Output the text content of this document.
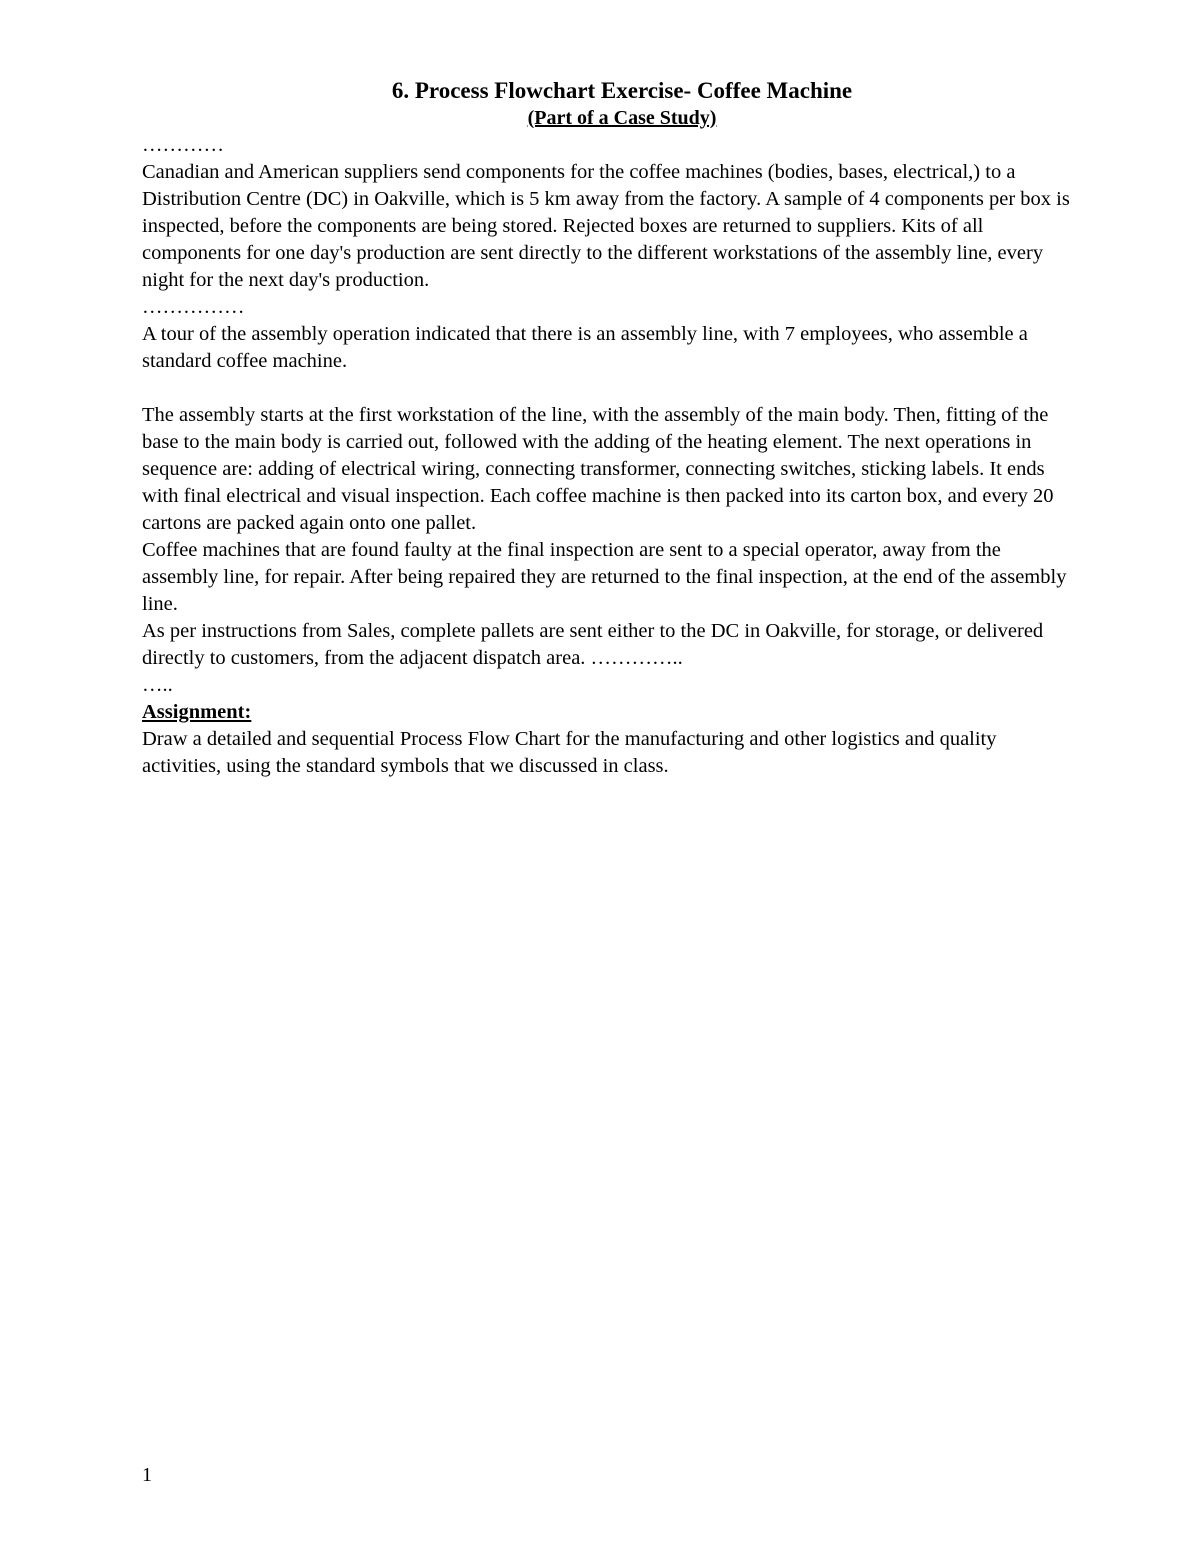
6. Process Flowchart Exercise- Coffee Machine

(Part of a Case Study)

…………

Canadian and American suppliers send components for the coffee machines (bodies, bases, electrical,) to a Distribution Centre (DC) in Oakville, which is 5 km away from the factory. A sample of 4 components per box is inspected, before the components are being stored. Rejected boxes are returned to suppliers. Kits of all components for one day's production are sent directly to the different workstations of the assembly line, every night for the next day's production.

……………

A tour of the assembly operation indicated that there is an assembly line, with 7 employees, who assemble a standard coffee machine.

The assembly starts at the first workstation of the line, with the assembly of the main body. Then, fitting of the base to the main body is carried out, followed with the adding of the heating element. The next operations in sequence are: adding of electrical wiring, connecting transformer, connecting switches, sticking labels. It ends with final electrical and visual inspection. Each coffee machine is then packed into its carton box, and every 20 cartons are packed again onto one pallet.

Coffee machines that are found faulty at the final inspection are sent to a special operator, away from the assembly line, for repair. After being repaired they are returned to the final inspection, at the end of the assembly line.

As per instructions from Sales, complete pallets are sent either to the DC in Oakville, for storage, or delivered directly to customers, from the adjacent dispatch area. …………..

…..

Assignment:

Draw a detailed and sequential Process Flow Chart for the manufacturing and other logistics and quality activities, using the standard symbols that we discussed in class.

1
